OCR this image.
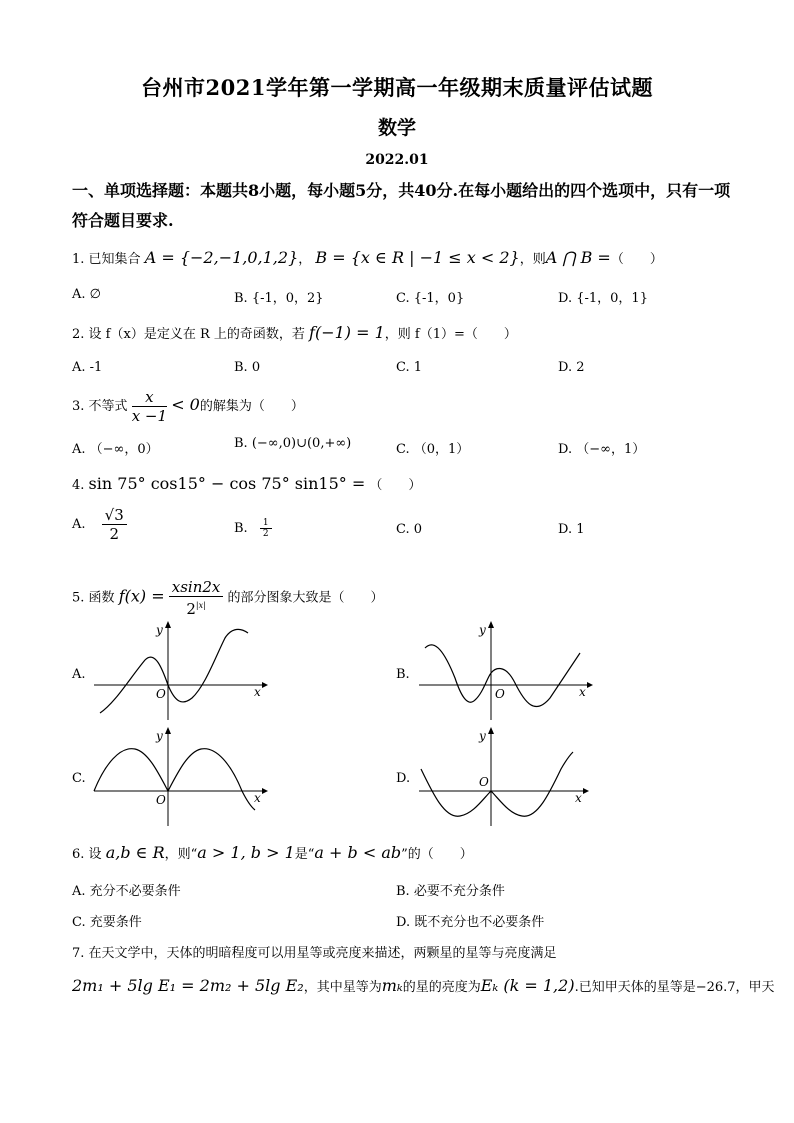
台州市2021学年第一学期高一年级期末质量评估试题
数学
2022.01
一、单项选择题：本题共8小题，每小题5分，共40分.在每小题给出的四个选项中，只有一项符合题目要求.
1. 已知集合 A = {−2,−1,0,1,2}， B = {x ∈ R | −1 ≤ x < 2}，则A ⋂ B =（　　）
A. ∅	B. {-1，0，2}	C. {-1，0}	D. {-1，0，1}
2. 设 f（x）是定义在 R 上的奇函数，若 f(−1) = 1，则 f（1）=（　　）
A. -1	B. 0	C. 1	D. 2
3. 不等式 $\frac{x}{x -1} < 0$的解集为（　　）
A. （−∞，0）	B. (−∞,0)∪(0,+∞)	C. （0，1）	D. （−∞，1）
4. sin 75° cos15° − cos 75° sin15° = （　　）
A. $\frac{√3}{2}$	B. $\frac{1}{2}$	C. 0	D. 1
5. 函数 $f(x) = \frac{xsin2x}{2^{|x|}}$ 的部分图象大致是（　　）
A.	B.
C.	D.
O	x
y
O	x
y
O	x
y
O
x
y
6. 设 a,b ∈ R，则“a > 1, b > 1是“a + b < ab”的（　　）
A. 充分不必要条件	B. 必要不充分条件
C. 充要条件	D. 既不充分也不必要条件
7. 在天文学中，天体的明暗程度可以用星等或亮度来描述，两颗星的星等与亮度满足
2m₁ + 5lg E₁ = 2m₂ + 5lg E₂，其中星等为mₖ的星的亮度为Eₖ (k = 1,2).已知甲天体的星等是−26.7，甲天
